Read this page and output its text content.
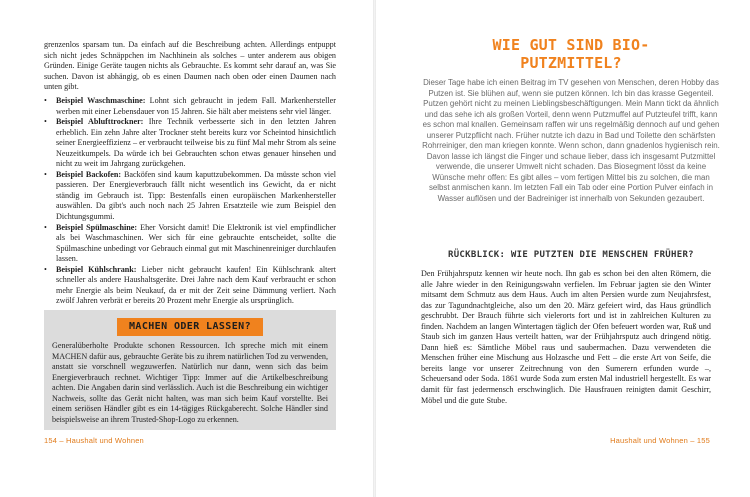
grenzenlos sparsam tun. Da einfach auf die Beschreibung achten. Allerdings entpuppt sich nicht jedes Schnäppchen im Nachhinein als solches – unter anderem aus obigen Gründen. Einige Geräte taugen nichts als Gebrauchte. Es kommt sehr darauf an, was Sie suchen. Davon ist abhängig, ob es einen Daumen nach oben oder einen Daumen nach unten gibt.

• Beispiel Waschmaschine: Lohnt sich gebraucht in jedem Fall. Markenhersteller werben mit einer Lebensdauer von 15 Jahren. Sie hält aber meistens sehr viel länger.
• Beispiel Ablufttrockner: Ihre Technik verbesserte sich in den letzten Jahren erheblich. Ein zehn Jahre alter Trockner steht bereits kurz vor Scheintod hinsichtlich seiner Energieeffizienz – er verbraucht teilweise bis zu fünf Mal mehr Strom als seine Neuzeitkumpels. Da würde ich bei Gebrauchten schon etwas genauer hinsehen und nicht zu weit im Jahrgang zurückgehen.
• Beispiel Backofen: Backöfen sind kaum kaputtzubekommen. Da müsste schon viel passieren. Der Energieverbrauch fällt nicht wesentlich ins Gewicht, da er nicht ständig im Gebrauch ist. Tipp: Bestenfalls einen europäischen Markenhersteller auswählen. Da gibt's auch noch nach 25 Jahren Ersatzteile wie zum Beispiel den Dichtungsgummi.
• Beispiel Spülmaschine: Eher Vorsicht damit! Die Elektronik ist viel empfindlicher als bei Waschmaschinen. Wer sich für eine gebrauchte entscheidet, sollte die Spülmaschine unbedingt vor Gebrauch einmal gut mit Maschinenreiniger durchlaufen lassen.
• Beispiel Kühlschrank: Lieber nicht gebraucht kaufen! Ein Kühlschrank altert schneller als andere Haushaltsgeräte. Drei Jahre nach dem Kauf verbraucht er schon mehr Energie als beim Neukauf, da er mit der Zeit seine Dämmung verliert. Nach zwölf Jahren verbrät er bereits 20 Prozent mehr Energie als ursprünglich.
MACHEN ODER LASSEN?

Generalüberholte Produkte schonen Ressourcen. Ich spreche mich mit einem MACHEN dafür aus, gebrauchte Geräte bis zu ihrem natürlichen Tod zu verwenden, anstatt sie vorschnell wegzuwerfen. Natürlich nur dann, wenn sich das beim Energieverbrauch rechnet. Wichtiger Tipp: Immer auf die Artikelbeschreibung achten. Die Angaben darin sind verlässlich. Auch ist die Beschreibung ein wichtiger Nachweis, sollte das Gerät nicht halten, was man sich beim Kauf vorstellte. Bei einem seriösen Händler gibt es ein 14-tägiges Rückgaberecht. Solche Händler sind beispielsweise an ihrem Trusted-Shop-Logo zu erkennen.

154 – Haushalt und Wohnen
WIE GUT SIND BIO-PUTZMITTEL?

Dieser Tage habe ich einen Beitrag im TV gesehen von Menschen, deren Hobby das Putzen ist. Sie blühen auf, wenn sie putzen können. Ich bin das krasse Gegenteil. Putzen gehört nicht zu meinen Lieblingsbeschäftigungen. Mein Mann tickt da ähnlich und das sehe ich als großen Vorteil, denn wenn Putzmuffel auf Putzteufel trifft, kann es schon mal knallen. Gemeinsam raffen wir uns regelmäßig dennoch auf und gehen unserer Putzpflicht nach. Früher nutzte ich dazu in Bad und Toilette den schärfsten Rohrreiniger, den man kriegen konnte. Wenn schon, dann gnadenlos hygienisch rein. Davon lasse ich längst die Finger und schaue lieber, dass ich insgesamt Putzmittel verwende, die unserer Umwelt nicht schaden. Das Biosegment lösst da keine Wünsche mehr offen: Es gibt alles – vom fertigen Mittel bis zu solchen, die man selbst anmischen kann. Im letzten Fall ein Tab oder eine Portion Pulver einfach in Wasser auflösen und der Badreiniger ist innerhalb von Sekunden gezaubert.

RÜCKBLICK: WIE PUTZTEN DIE MENSCHEN FRÜHER?

Den Frühjahrsputz kennen wir heute noch. Ihn gab es schon bei den alten Römern, die alle Jahre wieder in den Reinigungswahn verfielen. Im Februar jagten sie den Winter mitsamt dem Schmutz aus dem Haus. Auch im alten Persien wurde zum Neujahrsfest, das zur Tagundnachtgleiche, also um den 20. März gefeiert wird, das Haus gründlich geschrubbt. Der Brauch führte sich vielerorts fort und ist in zahlreichen Kulturen zu finden. Nachdem an langen Wintertagen täglich der Ofen befeuert worden war, Ruß und Staub sich im ganzen Haus verteilt hatten, war der Frühjahrsputz auch dringend nötig. Dann hieß es: Sämtliche Möbel raus und saubermachen. Dazu verwendeten die Menschen früher eine Mischung aus Holzasche und Fett – die erste Art von Seife, die bereits lange vor unserer Zeitrechnung von den Sumerern erfunden wurde –, Scheuersand oder Soda. 1861 wurde Soda zum ersten Mal industriell hergestellt. Es war damit für fast jedermensch erschwinglich. Die Hausfrauen reinigten damit Geschirr, Möbel und die gute Stube.

Haushalt und Wohnen – 155
